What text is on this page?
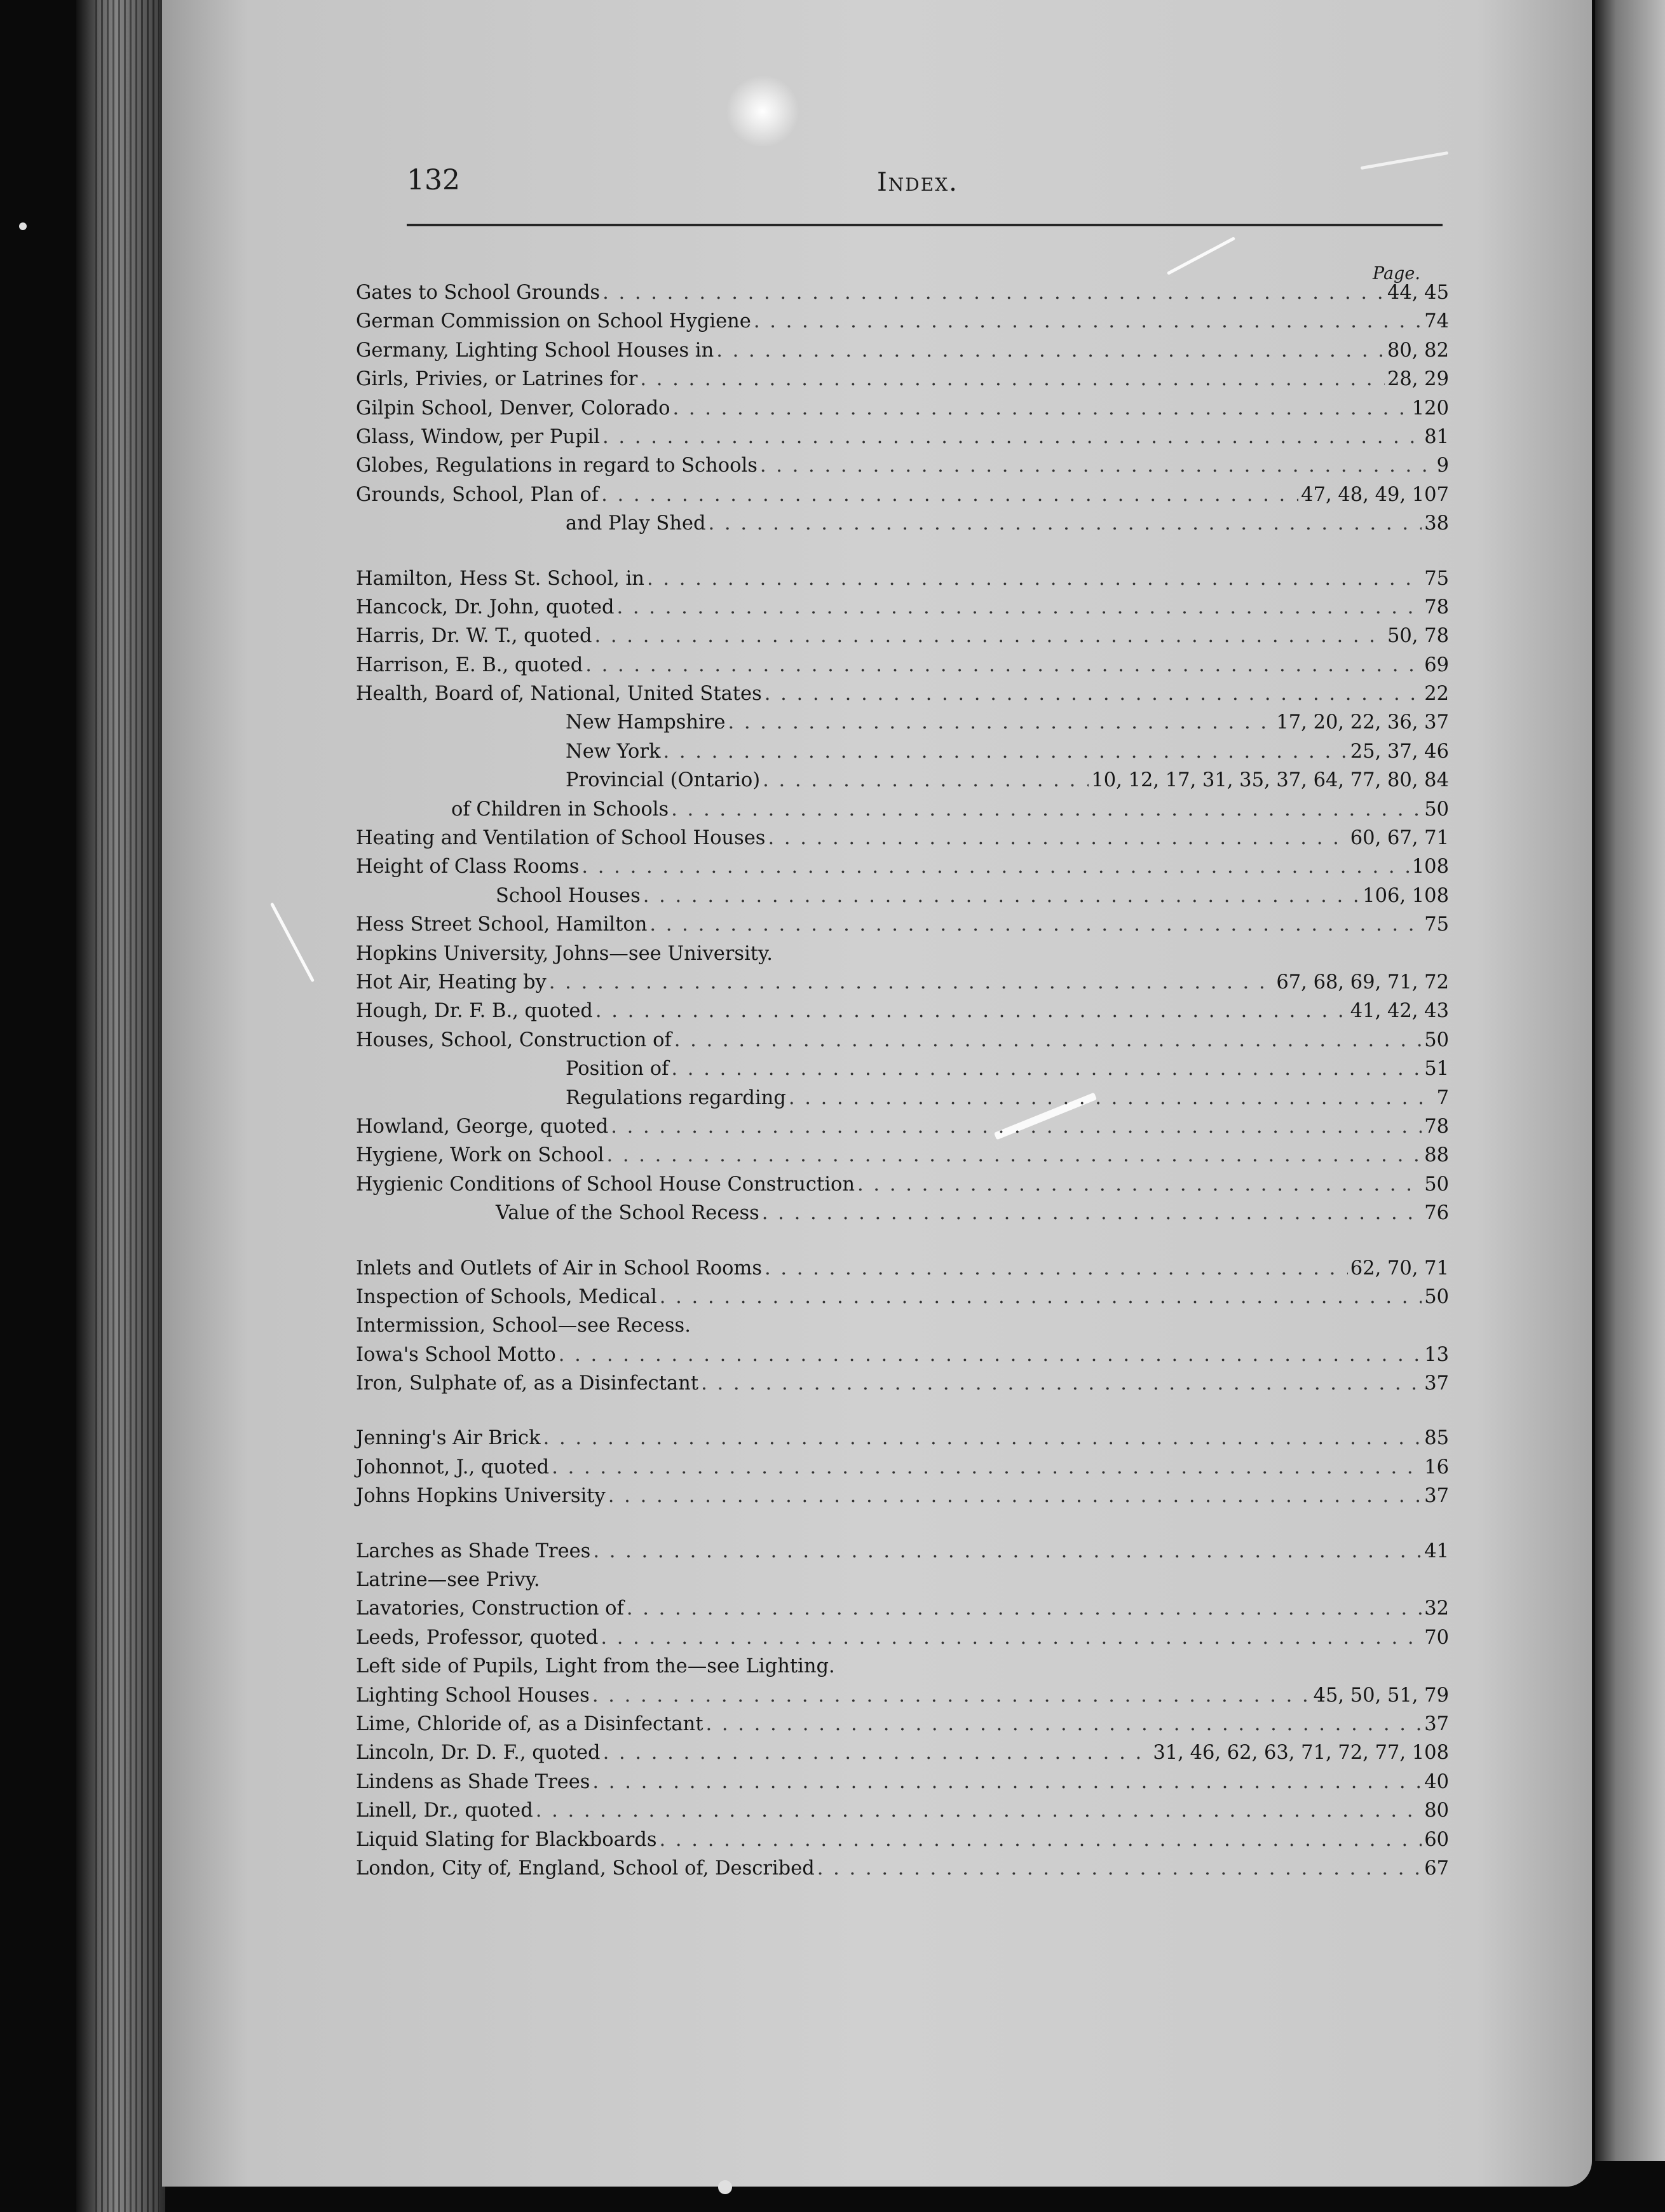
132	Index.
Page.
Gates to School Grounds . . .	44, 45
German Commission on School Hygiene . . .	74
Germany, Lighting School Houses in . . .	80, 82
Girls, Privies, or Latrines for . . .	28, 29
Gilpin School, Denver, Colorado . . .	120
Glass, Window, per Pupil . . .	81
Globes, Regulations in regard to Schools . . .	9
Grounds, School, Plan of . . .	47, 48, 49, 107
and Play Shed . . .	38
Hamilton, Hess St. School, in . . .	75
Hancock, Dr. John, quoted . . .	78
Harris, Dr. W. T., quoted . . .	50, 78
Harrison, E. B., quoted . . .	69
Health, Board of, National, United States . . .	22
New Hampshire . . .	17, 20, 22, 36, 37
New York . . .	25, 37, 46
Provincial (Ontario) . . .	10, 12, 17, 31, 35, 37, 64, 77, 80, 84
of Children in Schools . . .	50
Heating and Ventilation of School Houses . . .	60, 67, 71
Height of Class Rooms . . .	108
School Houses . . .	106, 108
Hess Street School, Hamilton . . .	75
Hopkins University, Johns—see University.
Hot Air, Heating by . . .	67, 68, 69, 71, 72
Hough, Dr. F. B., quoted . . .	41, 42, 43
Houses, School, Construction of . . .	50
Position of . . .	51
Regulations regarding . . .	7
Howland, George, quoted . . .	78
Hygiene, Work on School . . .	88
Hygienic Conditions of School House Construction . . .	50
Value of the School Recess . . .	76
Inlets and Outlets of Air in School Rooms . . .	62, 70, 71
Inspection of Schools, Medical . . .	50
Intermission, School—see Recess.
Iowa's School Motto . . .	13
Iron, Sulphate of, as a Disinfectant . . .	37
Jenning's Air Brick . . .	85
Johonnot, J., quoted . . .	16
Johns Hopkins University . . .	37
Larches as Shade Trees . . .	41
Latrine—see Privy.
Lavatories, Construction of . . .	32
Leeds, Professor, quoted . . .	70
Left side of Pupils, Light from the—see Lighting.
Lighting School Houses . . .	45, 50, 51, 79
Lime, Chloride of, as a Disinfectant . . .	37
Lincoln, Dr. D. F., quoted . . .	31, 46, 62, 63, 71, 72, 77, 108
Lindens as Shade Trees . . .	40
Linell, Dr., quoted . . .	80
Liquid Slating for Blackboards . . .	60
London, City of, England, School of, Described . . .	67
